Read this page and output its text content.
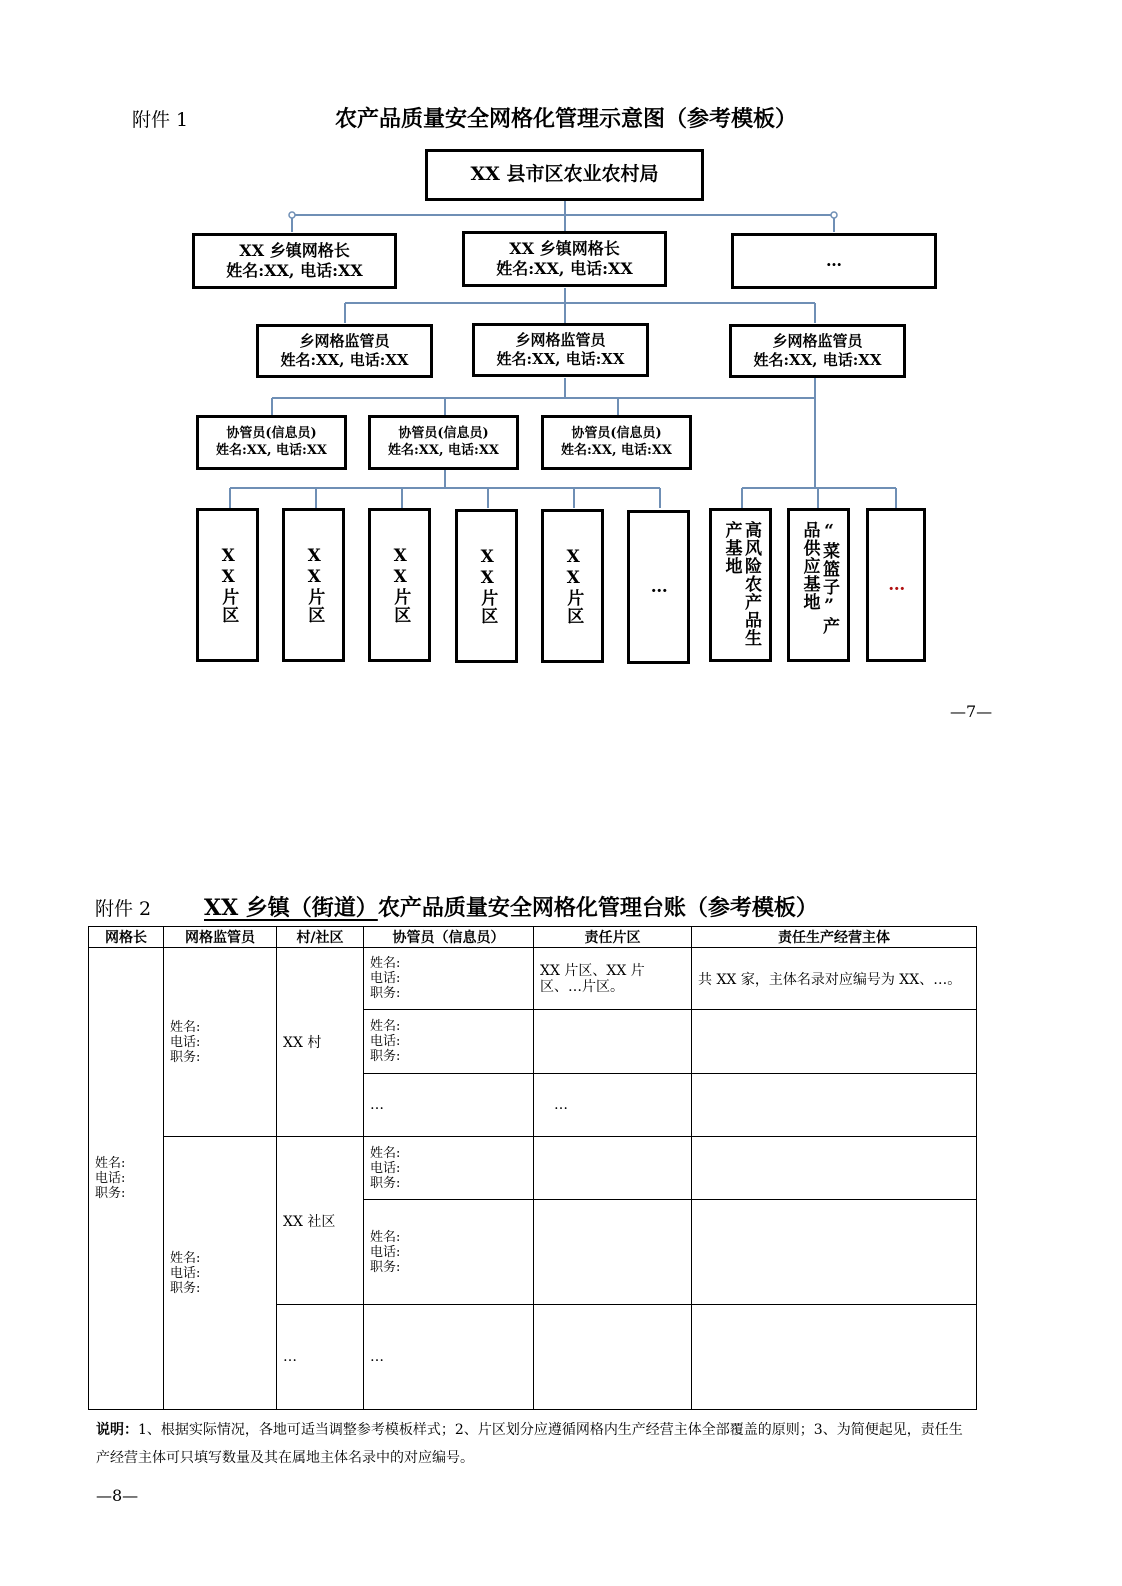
附件 1	农产品质量安全网格化管理示意图（参考模板）
XX 县市区农业农村局
XX 乡镇网格长
姓名:XX, 电话:XX
XX 乡镇网格长
姓名:XX, 电话:XX	…
乡网格监管员
姓名:XX, 电话:XX
乡网格监管员
姓名:XX, 电话:XX
乡网格监管员
姓名:XX, 电话:XX
协管员(信息员)
姓名:XX, 电话:XX
协管员(信息员)
姓名:XX, 电话:XX
协管员(信息员)
姓名:XX, 电话:XX
XX片区	XX片区	XX片区	XX片区	XX片区	…	高风险农产品生产基地	“菜篮子”产品供应基地	…
—7—
附件 2	XX 乡镇（街道）农产品质量安全网格化管理台账（参考模板）
网格长	网格监管员	村/社区	协管员（信息员）	责任片区	责任生产经营主体

姓名:
电话:
职务:	姓名:
电话:
职务:	XX 村	姓名:
电话:
职务:	XX 片区、XX 片区、…片区。	共 XX 家，主体名录对应编号为 XX、…。

			姓名:
电话:
职务:		

			…	…	

	姓名:
电话:
职务:	XX 社区	姓名:
电话:
职务:		

			姓名:
电话:
职务:		

		…	…		
说明：1、根据实际情况，各地可适当调整参考模板样式；2、片区划分应遵循网格内生产经营主体全部覆盖的原则；3、为简便起见，责任生产经营主体可只填写数量及其在属地主体名录中的对应编号。
—8—
